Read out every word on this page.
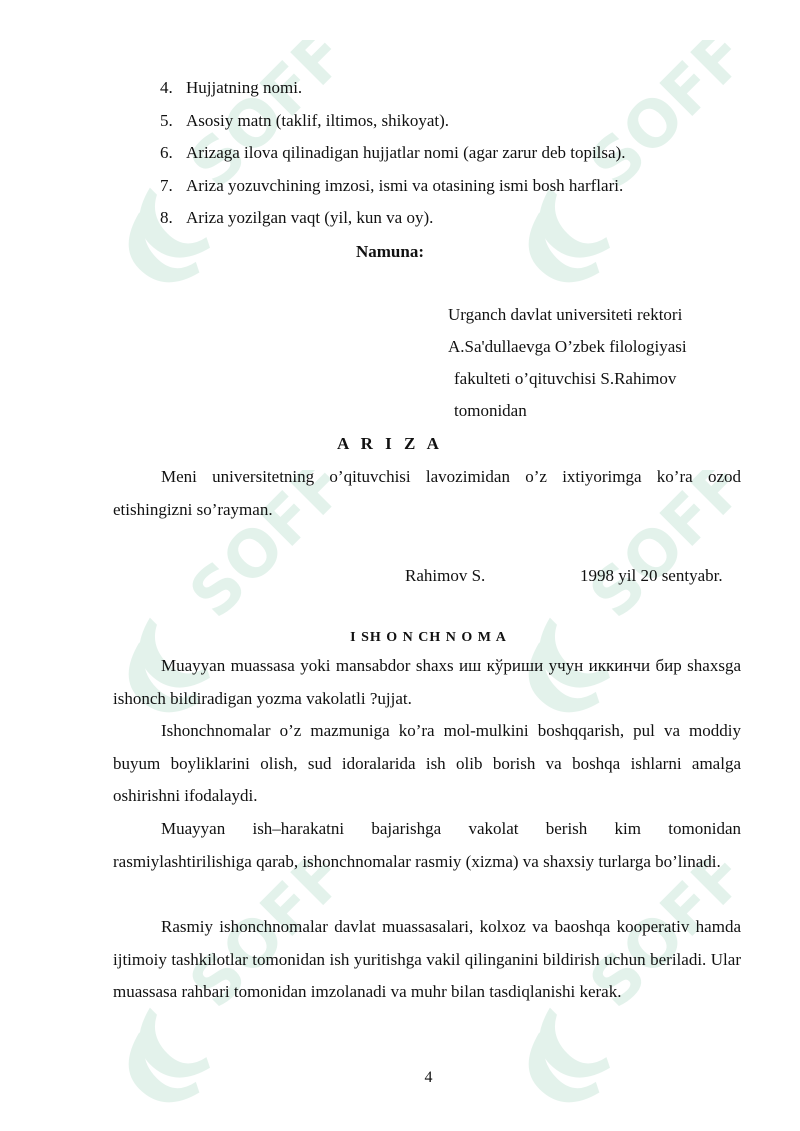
SOFF	SOFF
SOFF	SOFF
SOFF	SOFF
4. Hujjatning nomi.
5. Asosiy matn (taklif, iltimos, shikoyat).
6. Arizaga ilova qilinadigan hujjatlar nomi (agar zarur deb topilsa).
7. Ariza yozuvchining imzosi, ismi va otasining ismi bosh harflari.
8. Ariza yozilgan vaqt (yil, kun va oy).
Namuna:
Urganch davlat universiteti rektori
A.Sa'dullaevga O’zbek filologiyasi
fakulteti o’qituvchisi S.Rahimov
tomonidan
A R I Z A

Meni universitetning o’qituvchisi lavozimidan o’z ixtiyorimga ko’ra ozod etishingizni so’rayman.

Rahimov S.	1998 yil 20 sentyabr.
I SH O N CH N O M A

Muayyan muassasa yoki mansabdor shaxs иш кўриши учун иккинчи бир shaxsga ishonch bildiradigan yozma vakolatli ?ujjat.

Ishonchnomalar o’z mazmuniga ko’ra mol-mulkini boshqqarish, pul va moddiy buyum boyliklarini olish, sud idoralarida ish olib borish va boshqa ishlarni amalga oshirishni ifodalaydi.

Muayyan ish–harakatni bajarishga vakolat berish kim tomonidan rasmiylashtirilishiga qarab, ishonchnomalar rasmiy (xizma) va shaxsiy turlarga bo’linadi.

Rasmiy ishonchnomalar davlat muassasalari, kolxoz va baoshqa kooperativ hamda ijtimoiy tashkilotlar tomonidan ish yuritishga vakil qilinganini bildirish uchun beriladi. Ular muassasa rahbari tomonidan imzolanadi va muhr bilan tasdiqlanishi kerak.

4
